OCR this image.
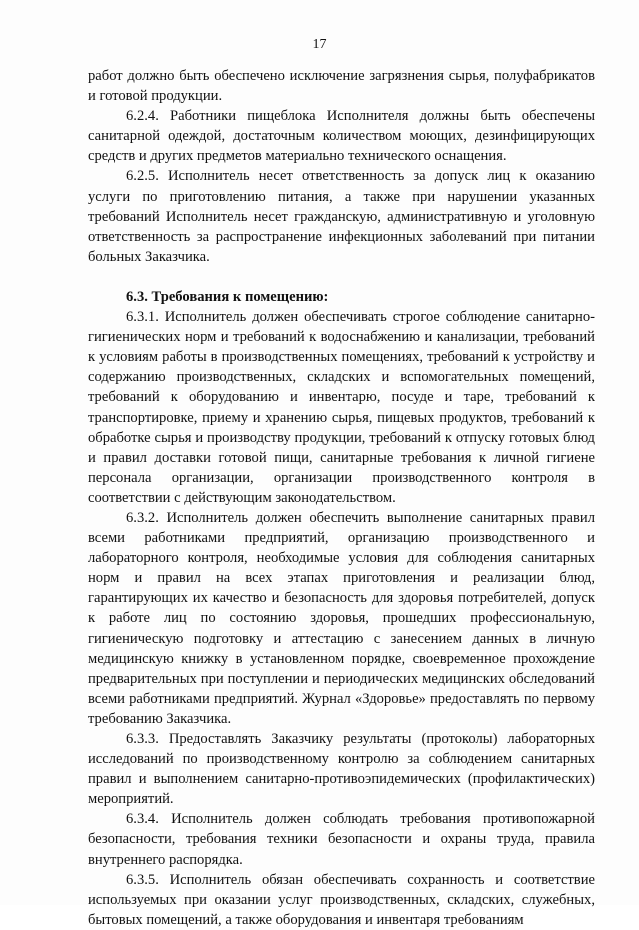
17

работ должно быть обеспечено исключение загрязнения сырья, полуфабрикатов и готовой продукции.

6.2.4. Работники пищеблока Исполнителя должны быть обеспечены санитарной одеждой, достаточным количеством моющих, дезинфицирующих средств и других предметов материально технического оснащения.

6.2.5. Исполнитель несет ответственность за допуск лиц к оказанию услуги по приготовлению питания, а также при нарушении указанных требований Исполнитель несет гражданскую, административную и уголовную ответственность за распространение инфекционных заболеваний при питании больных Заказчика.

6.3. Требования к помещению:

6.3.1. Исполнитель должен обеспечивать строгое соблюдение санитарно-гигиенических норм и требований к водоснабжению и канализации, требований к условиям работы в производственных помещениях, требований к устройству и содержанию производственных, складских и вспомогательных помещений, требований к оборудованию и инвентарю, посуде и таре, требований к транспортировке, приему и хранению сырья, пищевых продуктов, требований к обработке сырья и производству продукции, требований к отпуску готовых блюд и правил доставки готовой пищи, санитарные требования к личной гигиене персонала организации, организации производственного контроля в соответствии с действующим законодательством.

6.3.2. Исполнитель должен обеспечить выполнение санитарных правил всеми работниками предприятий, организацию производственного и лабораторного контроля, необходимые условия для соблюдения санитарных норм и правил на всех этапах приготовления и реализации блюд, гарантирующих их качество и безопасность для здоровья потребителей, допуск к работе лиц по состоянию здоровья, прошедших профессиональную, гигиеническую подготовку и аттестацию с занесением данных в личную медицинскую книжку в установленном порядке, своевременное прохождение предварительных при поступлении и периодических медицинских обследований всеми работниками предприятий. Журнал «Здоровье» предоставлять по первому требованию Заказчика.

6.3.3. Предоставлять Заказчику результаты (протоколы) лабораторных исследований по производственному контролю за соблюдением санитарных правил и выполнением санитарно-противоэпидемических (профилактических) мероприятий.

6.3.4. Исполнитель должен соблюдать требования противопожарной безопасности, требования техники безопасности и охраны труда, правила внутреннего распорядка.

6.3.5. Исполнитель обязан обеспечивать сохранность и соответствие используемых при оказании услуг производственных, складских, служебных, бытовых помещений, а также оборудования и инвентаря требованиям
